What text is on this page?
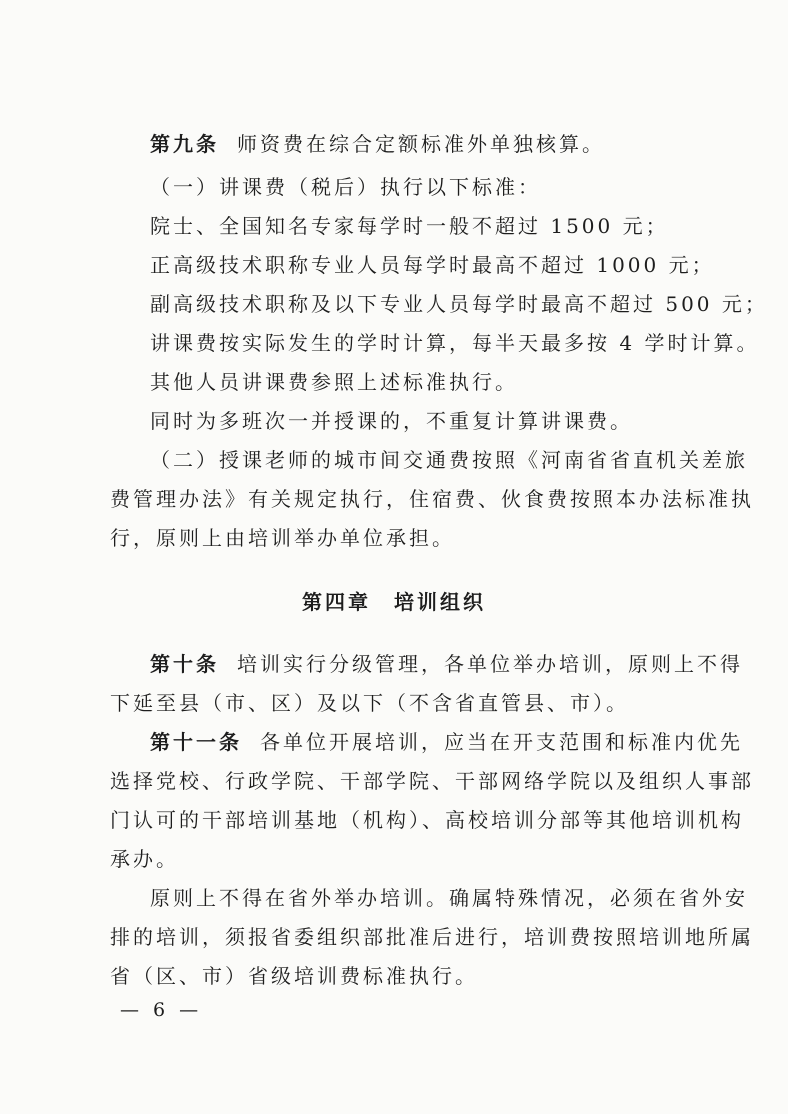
第九条 师资费在综合定额标准外单独核算。
（一）讲课费（税后）执行以下标准：
院士、全国知名专家每学时一般不超过 1500 元；
正高级技术职称专业人员每学时最高不超过 1000 元；
副高级技术职称及以下专业人员每学时最高不超过 500 元；
讲课费按实际发生的学时计算，每半天最多按 4 学时计算。
其他人员讲课费参照上述标准执行。
同时为多班次一并授课的，不重复计算讲课费。
（二）授课老师的城市间交通费按照《河南省省直机关差旅
费管理办法》有关规定执行，住宿费、伙食费按照本办法标准执
行，原则上由培训举办单位承担。
第四章　培训组织
第十条 培训实行分级管理，各单位举办培训，原则上不得
下延至县（市、区）及以下（不含省直管县、市）。
第十一条 各单位开展培训，应当在开支范围和标准内优先
选择党校、行政学院、干部学院、干部网络学院以及组织人事部
门认可的干部培训基地（机构）、高校培训分部等其他培训机构
承办。
原则上不得在省外举办培训。确属特殊情况，必须在省外安
排的培训，须报省委组织部批准后进行，培训费按照培训地所属
省（区、市）省级培训费标准执行。
— 6 —
